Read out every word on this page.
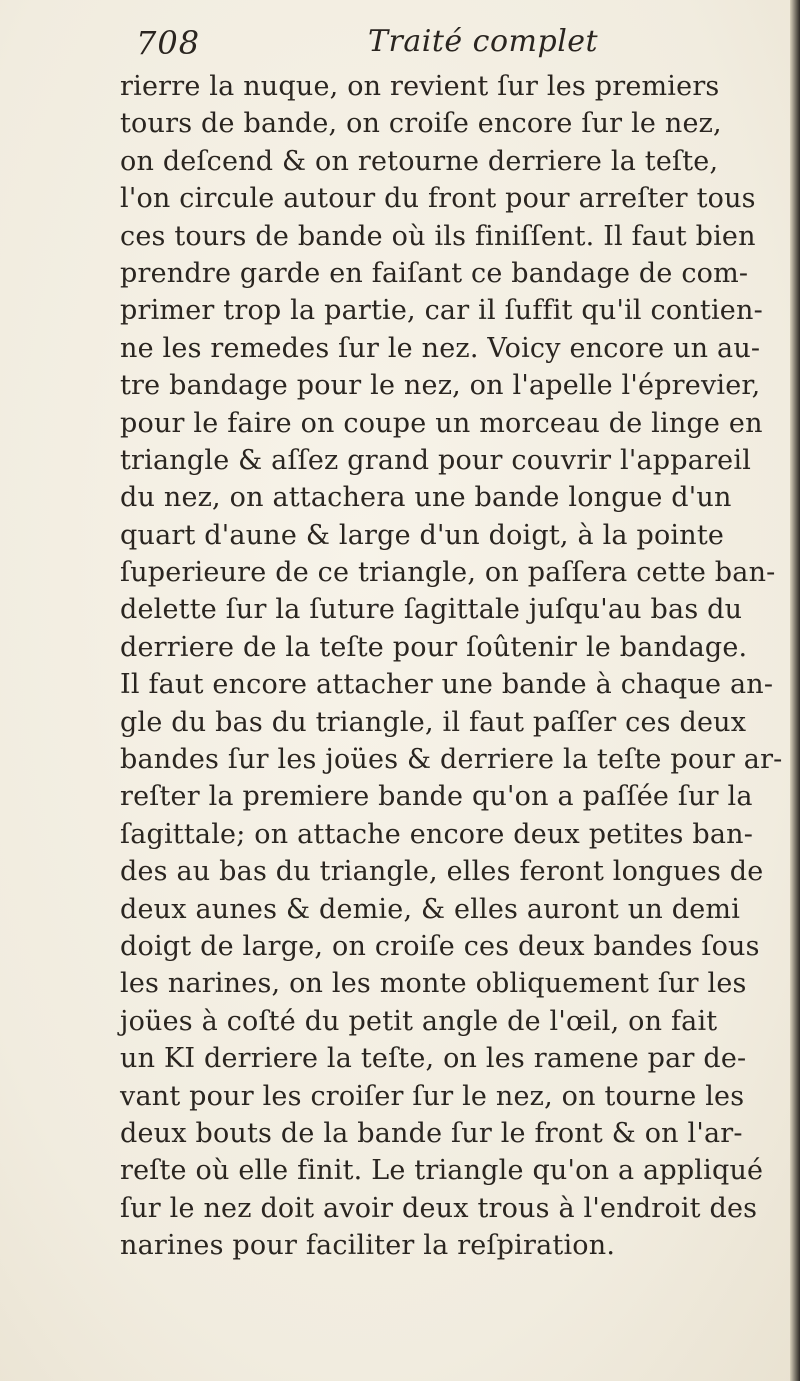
708	Traité complet
rierre la nuque, on revient ſur les premiers
tours de bande, on croiſe encore ſur le nez,
on deſcend & on retourne derriere la teſte,
l'on circule autour du front pour arreſter tous
ces tours de bande où ils finiſſent. Il faut bien
prendre garde en faiſant ce bandage de com-
primer trop la partie, car il ſuffit qu'il contien-
ne les remedes ſur le nez. Voicy encore un au-
tre bandage pour le nez, on l'apelle l'éprevier,
pour le faire on coupe un morceau de linge en
triangle & aſſez grand pour couvrir l'appareil
du nez, on attachera une bande longue d'un
quart d'aune & large d'un doigt, à la pointe
ſuperieure de ce triangle, on paſſera cette ban-
delette ſur la ſuture ſagittale juſqu'au bas du
derriere de la teſte pour ſoûtenir le bandage.
Il faut encore attacher une bande à chaque an-
gle du bas du triangle, il faut paſſer ces deux
bandes ſur les joües & derriere la teſte pour ar-
reſter la premiere bande qu'on a paſſée ſur la
ſagittale; on attache encore deux petites ban-
des au bas du triangle, elles feront longues de
deux aunes & demie, & elles auront un demi
doigt de large, on croiſe ces deux bandes ſous
les narines, on les monte obliquement ſur les
joües à coſté du petit angle de l'œil, on fait
un KI derriere la teſte, on les ramene par de-
vant pour les croiſer ſur le nez, on tourne les
deux bouts de la bande ſur le front & on l'ar-
reſte où elle finit. Le triangle qu'on a appliqué
ſur le nez doit avoir deux trous à l'endroit des
narines pour faciliter la reſpiration.
